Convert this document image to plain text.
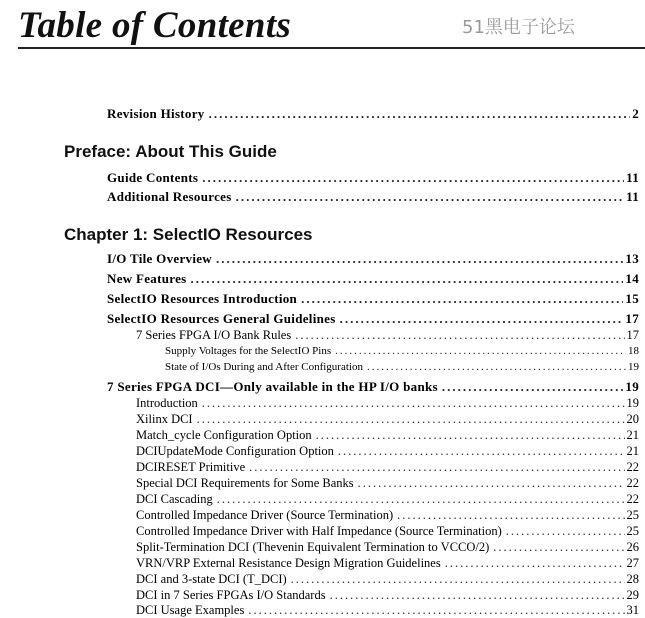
Table of Contents	51黑电子论坛
Revision History .....	2
Preface: About This Guide
Guide Contents .....	11
Additional Resources .....	11
Chapter 1: SelectIO Resources
I/O Tile Overview .....	13
New Features .....	14
SelectIO Resources Introduction .....	15
SelectIO Resources General Guidelines .....	17
7 Series FPGA I/O Bank Rules .....	17
Supply Voltages for the SelectIO Pins .....	18
State of I/Os During and After Configuration .....	19
7 Series FPGA DCI—Only available in the HP I/O banks .....	19
Introduction .....	19
Xilinx DCI .....	20
Match_cycle Configuration Option .....	21
DCIUpdateMode Configuration Option .....	21
DCIRESET Primitive .....	22
Special DCI Requirements for Some Banks .....	22
DCI Cascading .....	22
Controlled Impedance Driver (Source Termination) .....	25
Controlled Impedance Driver with Half Impedance (Source Termination) .....	25
Split-Termination DCI (Thevenin Equivalent Termination to VCCO/2) .....	26
VRN/VRP External Resistance Design Migration Guidelines .....	27
DCI and 3-state DCI (T_DCI) .....	28
DCI in 7 Series FPGAs I/O Standards .....	29
DCI Usage Examples .....	31
